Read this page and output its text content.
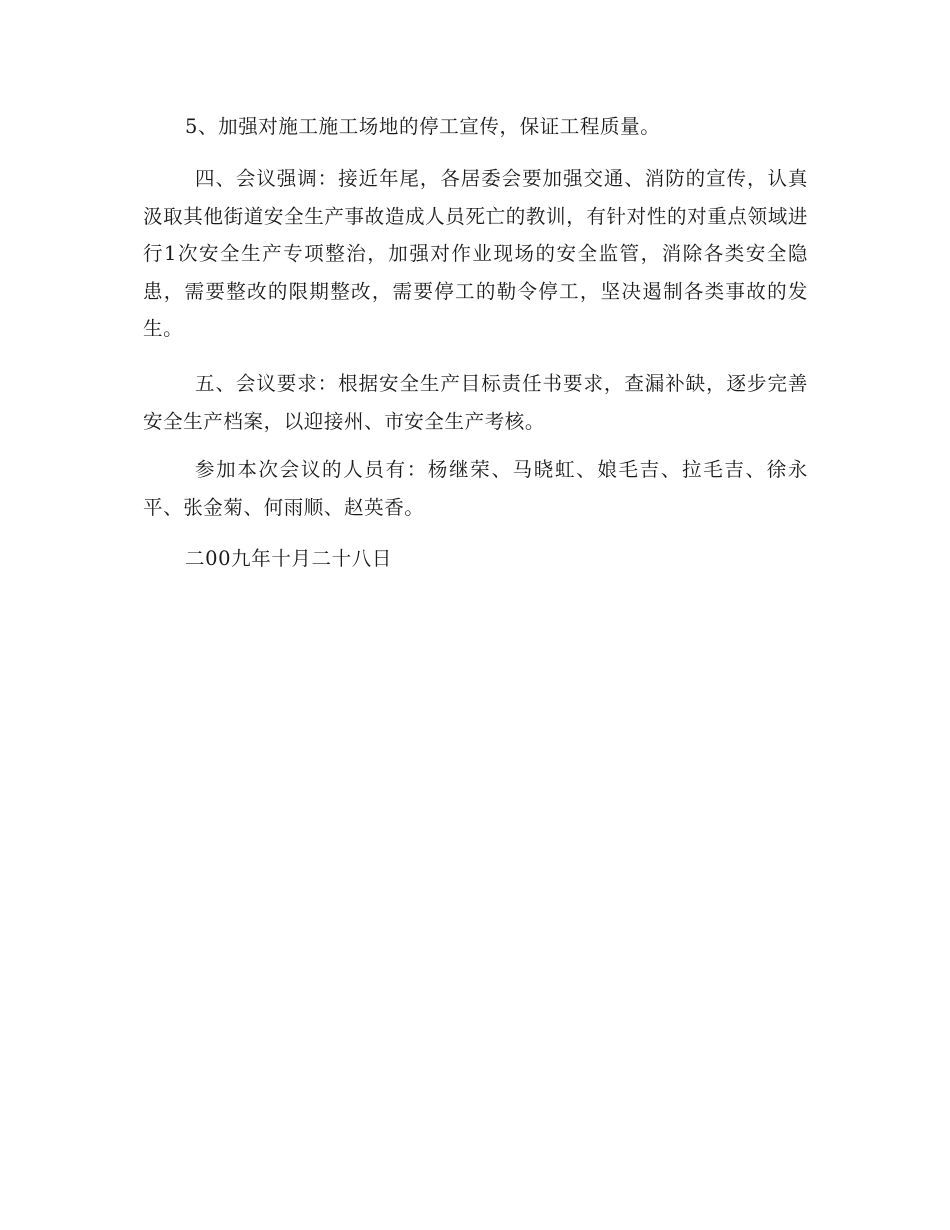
5、加强对施工施工场地的停工宣传，保证工程质量。

四、会议强调：接近年尾，各居委会要加强交通、消防的宣传，认真汲取其他街道安全生产事故造成人员死亡的教训，有针对性的对重点领域进行1次安全生产专项整治，加强对作业现场的安全监管，消除各类安全隐患，需要整改的限期整改，需要停工的勒令停工，坚决遏制各类事故的发生。

五、会议要求：根据安全生产目标责任书要求，查漏补缺，逐步完善安全生产档案，以迎接州、市安全生产考核。

参加本次会议的人员有：杨继荣、马晓虹、娘毛吉、拉毛吉、徐永平、张金菊、何雨顺、赵英香。

二00九年十月二十八日
